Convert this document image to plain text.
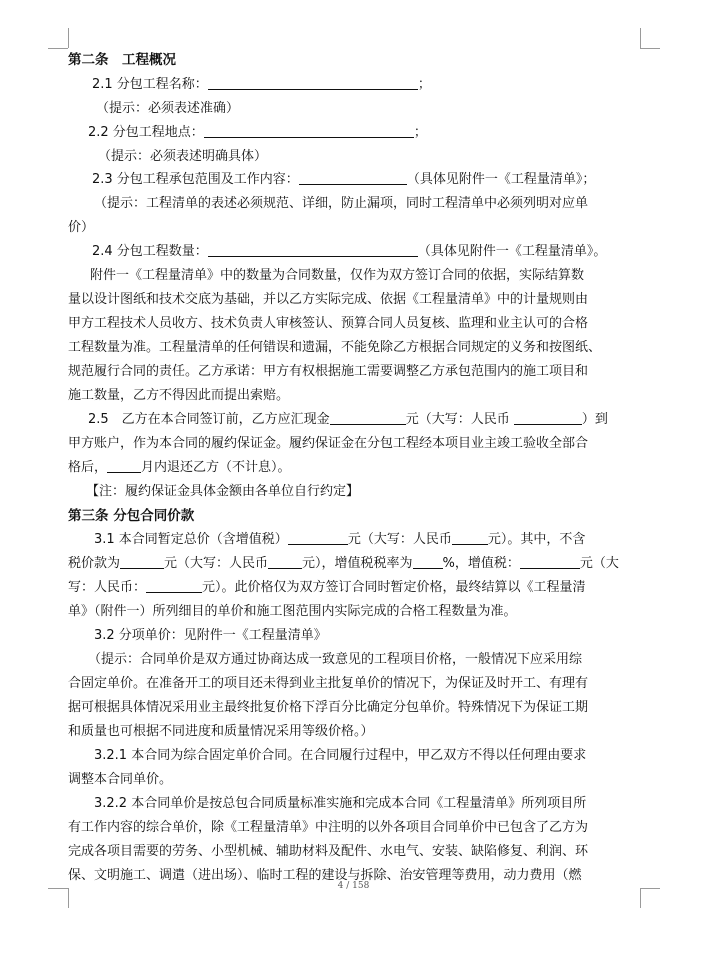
第二条　工程概况
2.1 分包工程名称：	；
（提示：必须表述准确）
2.2 分包工程地点：	；
（提示：必须表述明确具体）
2.3 分包工程承包范围及工作内容：	（具体见附件一《工程量清单》；
（提示：工程清单的表述必须规范、详细，防止漏项，同时工程清单中必须列明对应单
价）
2.4 分包工程数量：	（具体见附件一《工程量清单》。
附件一《工程量清单》中的数量为合同数量，仅作为双方签订合同的依据，实际结算数
量以设计图纸和技术交底为基础，并以乙方实际完成、依据《工程量清单》中的计量规则由
甲方工程技术人员收方、技术负责人审核签认、预算合同人员复核、监理和业主认可的合格
工程数量为准。工程量清单的任何错误和遗漏，不能免除乙方根据合同规定的义务和按图纸、
规范履行合同的责任。乙方承诺：甲方有权根据施工需要调整乙方承包范围内的施工项目和
施工数量，乙方不得因此而提出索赔。
2.5　乙方在本合同签订前，乙方应汇现金	元（大写：人民币	）到
甲方账户，作为本合同的履约保证金。履约保证金在分包工程经本项目业主竣工验收全部合
格后，	月内退还乙方（不计息）。
【注：履约保证金具体金额由各单位自行约定】
第三条 分包合同价款
3.1 本合同暂定总价（含增值税）	元（大写：人民币	元）。其中，不含
税价款为	元（大写：人民币	元），增值税税率为 %，增值税：	元（大
写：人民币：	元）。此价格仅为双方签订合同时暂定价格，最终结算以《工程量清
单》（附件一）所列细目的单价和施工图范围内实际完成的合格工程数量为准。
3.2 分项单价：见附件一《工程量清单》
（提示：合同单价是双方通过协商达成一致意见的工程项目价格，一般情况下应采用综
合固定单价。在准备开工的项目还未得到业主批复单价的情况下，为保证及时开工、有理有
据可根据具体情况采用业主最终批复价格下浮百分比确定分包单价。特殊情况下为保证工期
和质量也可根据不同进度和质量情况采用等级价格。）
3.2.1 本合同为综合固定单价合同。在合同履行过程中，甲乙双方不得以任何理由要求
调整本合同单价。
3.2.2 本合同单价是按总包合同质量标准实施和完成本合同《工程量清单》所列项目所
有工作内容的综合单价，除《工程量清单》中注明的以外各项目合同单价中已包含了乙方为
完成各项目需要的劳务、小型机械、辅助材料及配件、水电气、安装、缺陷修复、利润、环
保、文明施工、调遣（进出场）、临时工程的建设与拆除、治安管理等费用，动力费用（燃
4 / 158
